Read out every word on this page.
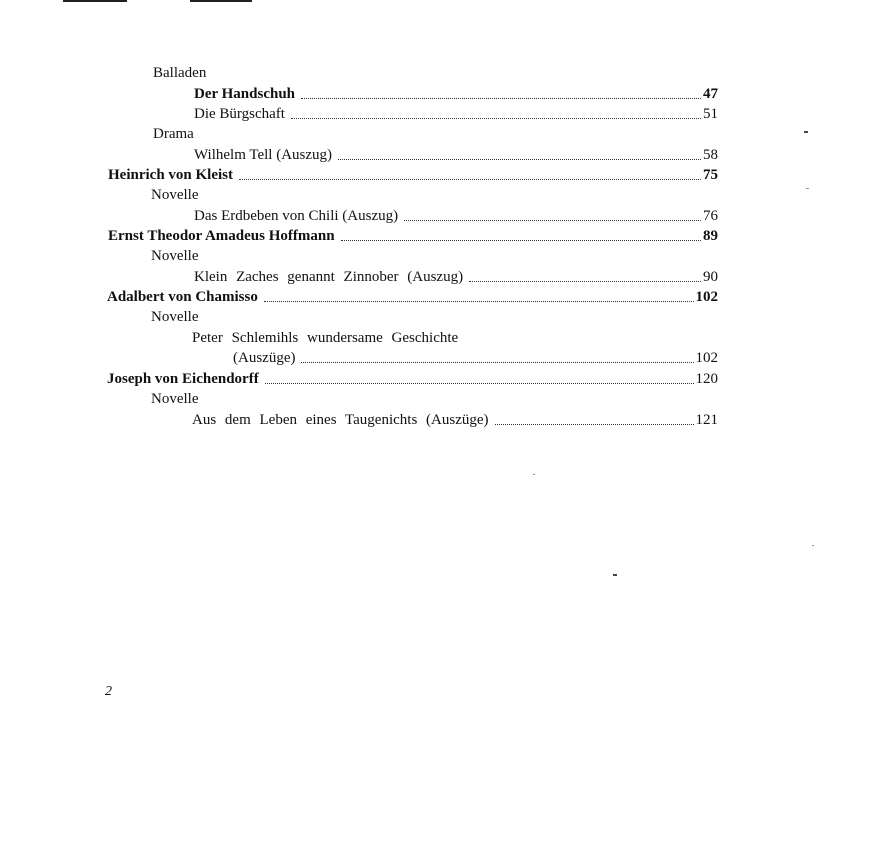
Balladen
Der Handschuh	47
Die Bürgschaft	51
Drama
Wilhelm Tell (Auszug)	58
Heinrich von Kleist	75
Novelle
Das Erdbeben von Chili (Auszug)	76
Ernst Theodor Amadeus Hoffmann	89
Novelle
Klein Zaches genannt Zinnober (Auszug)	90
Adalbert von Chamisso	102
Novelle
Peter Schlemihls wundersame Geschichte
(Auszüge)	102
Joseph von Eichendorff	120
Novelle
Aus dem Leben eines Taugenichts (Auszüge)	121
2
